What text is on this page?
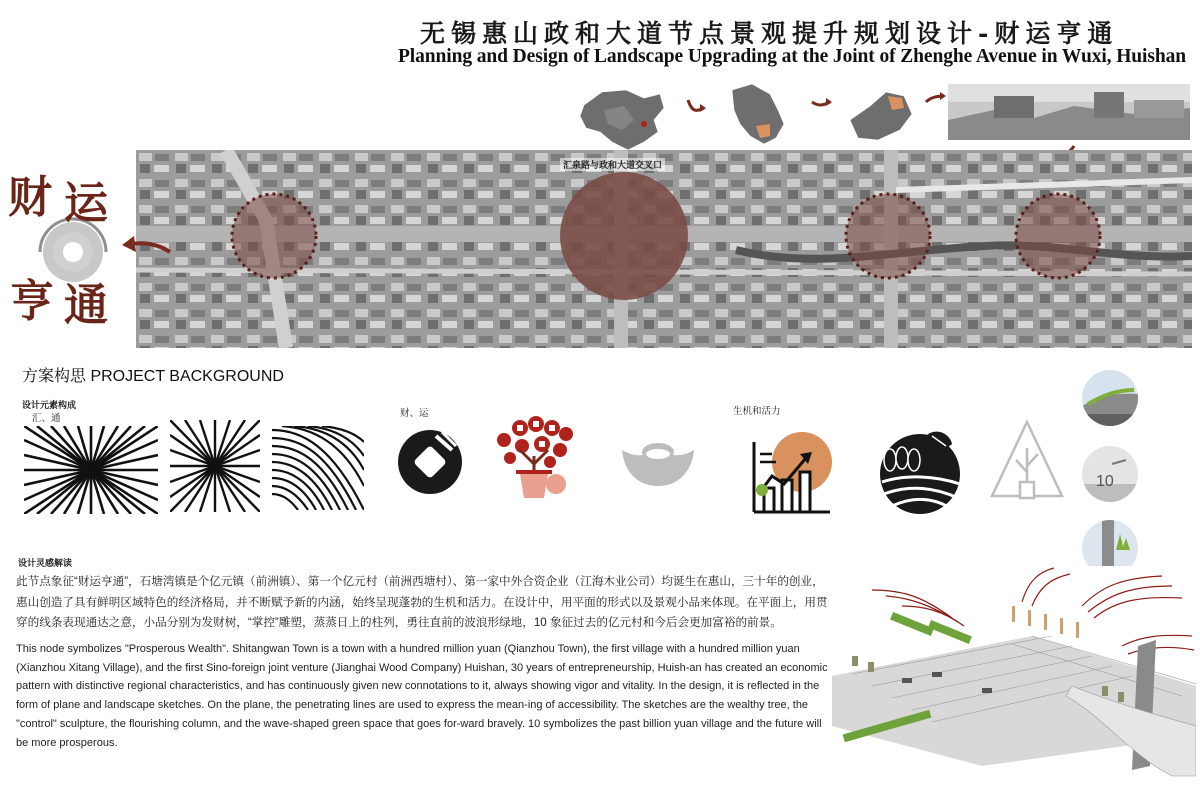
无锡惠山政和大道节点景观提升规划设计-财运亨通
Planning and Design of Landscape Upgrading at the Joint of Zhenghe Avenue in Wuxi, Huishan
汇泉路与政和大道交叉口
财 运
亨 通
方案构思 PROJECT BACKGROUND
设计元素构成
汇、通	财、运	生机和活力
10
设计灵感解读
此节点象征“财运亨通”，石塘湾镇是个亿元镇（前洲镇）、第一个亿元村（前洲西塘村）、第一家中外合资企业（江海木业公司）均诞生在惠山，三十年的创业，惠山创造了具有鲜明区域特色的经济格局，并不断赋予新的内涵，始终呈现蓬勃的生机和活力。在设计中，用平面的形式以及景观小品来体现。在平面上，用贯穿的线条表现通达之意，小品分别为发财树，“掌控”雕塑，蒸蒸日上的柱列，勇往直前的波浪形绿地，10 象征过去的亿元村和今后会更加富裕的前景。
This node symbolizes "Prosperous Wealth". Shitangwan Town is a town with a hundred million yuan (Qianzhou Town), the first village with a hundred million yuan (Xianzhou Xitang Village), and the first Sino-foreign joint venture (Jianghai Wood Company) Huishan, 30 years of entrepreneurship, Huish-an has created an economic pattern with distinctive regional characteristics, and has continuously given new connotations to it, always showing vigor and vitality. In the design, it is reflected in the form of plane and landscape sketches. On the plane, the penetrating lines are used to express the mean-ing of accessibility. The sketches are the wealthy tree, the "control" sculpture, the flourishing column, and the wave-shaped green space that goes for-ward bravely. 10 symbolizes the past billion yuan village and the future will be more prosperous.
